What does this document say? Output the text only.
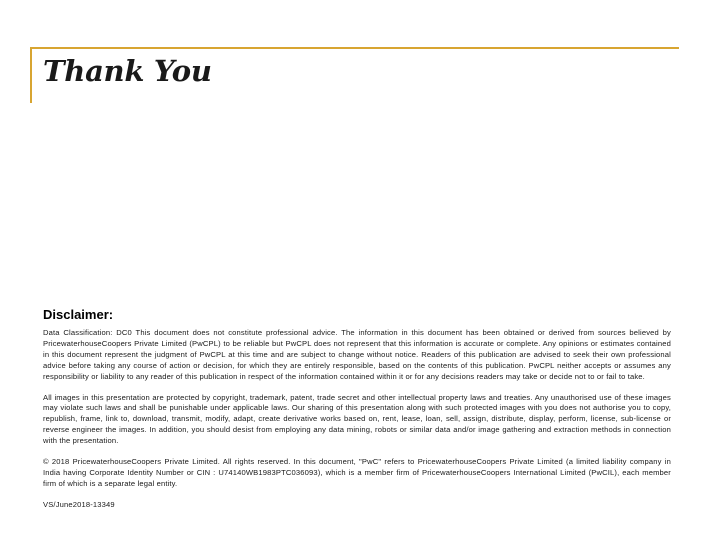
Thank You
Disclaimer:

Data Classification: DC0 This document does not constitute professional advice. The information in this document has been obtained or derived from sources believed by PricewaterhouseCoopers Private Limited (PwCPL) to be reliable but PwCPL does not represent that this information is accurate or complete. Any opinions or estimates contained in this document represent the judgment of PwCPL at this time and are subject to change without notice. Readers of this publication are advised to seek their own professional advice before taking any course of action or decision, for which they are entirely responsible, based on the contents of this publication. PwCPL neither accepts or assumes any responsibility or liability to any reader of this publication in respect of the information contained within it or for any decisions readers may take or decide not to or fail to take.

All images in this presentation are protected by copyright, trademark, patent, trade secret and other intellectual property laws and treaties. Any unauthorised use of these images may violate such laws and shall be punishable under applicable laws. Our sharing of this presentation along with such protected images with you does not authorise you to copy, republish, frame, link to, download, transmit, modify, adapt, create derivative works based on, rent, lease, loan, sell, assign, distribute, display, perform, license, sub-license or reverse engineer the images. In addition, you should desist from employing any data mining, robots or similar data and/or image gathering and extraction methods in connection with the presentation.

© 2018 PricewaterhouseCoopers Private Limited. All rights reserved. In this document, "PwC" refers to PricewaterhouseCoopers Private Limited (a limited liability company in India having Corporate Identity Number or CIN : U74140WB1983PTC036093), which is a member firm of PricewaterhouseCoopers International Limited (PwCIL), each member firm of which is a separate legal entity.

VS/June2018-13349
